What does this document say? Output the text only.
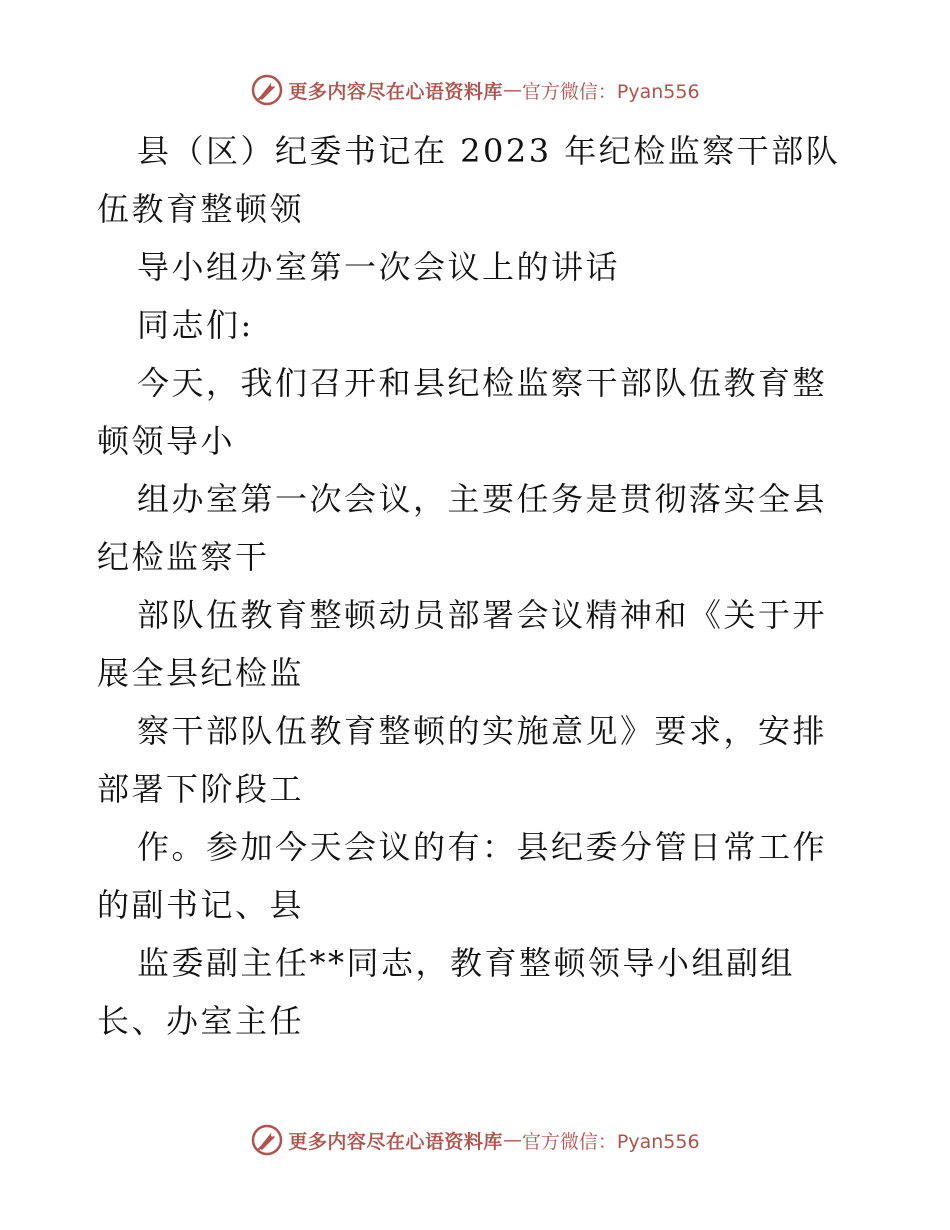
更多内容尽在心语资料库 — 官方微信：Pyan556

县（区）纪委书记在 2023 年纪检监察干部队伍教育整顿领

导小组办室第一次会议上的讲话

同志们:

今天，我们召开和县纪检监察干部队伍教育整顿领导小

组办室第一次会议，主要任务是贯彻落实全县纪检监察干

部队伍教育整顿动员部署会议精神和《关于开展全县纪检监

察干部队伍教育整顿的实施意见》要求，安排部署下阶段工

作。参加今天会议的有：县纪委分管日常工作的副书记、县

监委副主任**同志，教育整顿领导小组副组长、办室主任

更多内容尽在心语资料库 — 官方微信：Pyan556
